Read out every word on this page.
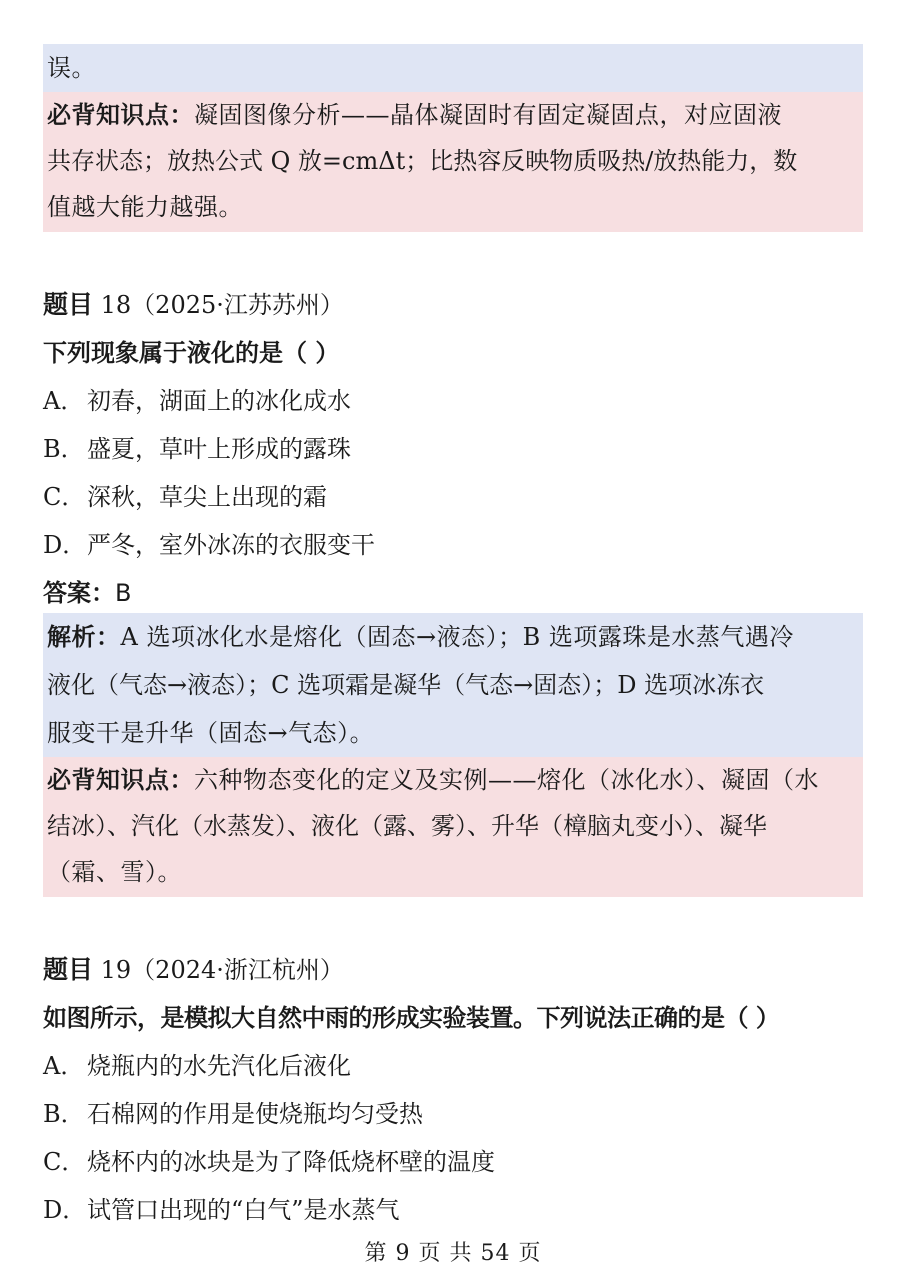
误。
必背知识点：凝固图像分析——晶体凝固时有固定凝固点，对应固液
共存状态；放热公式 Q 放=cmΔt；比热容反映物质吸热/放热能力，数
值越大能力越强。
题目 18（2025·江苏苏州）
下列现象属于液化的是（ ）
A． 初春，湖面上的冰化成水
B．盛夏，草叶上形成的露珠
C．深秋，草尖上出现的霜
D．严冬，室外冰冻的衣服变干
答案：B
解析：A 选项冰化水是熔化（固态→液态）；B 选项露珠是水蒸气遇冷
液化（气态→液态）；C 选项霜是凝华（气态→固态）；D 选项冰冻衣
服变干是升华（固态→气态）。
必背知识点：六种物态变化的定义及实例——熔化（冰化水）、凝固（水
结冰）、汽化（水蒸发）、液化（露、雾）、升华（樟脑丸变小）、凝华
（霜、雪）。
题目 19（2024·浙江杭州）
如图所示，是模拟大自然中雨的形成实验装置。下列说法正确的是（ ）
A． 烧瓶内的水先汽化后液化
B．石棉网的作用是使烧瓶均匀受热
C．烧杯内的冰块是为了降低烧杯壁的温度
D．试管口出现的“白气”是水蒸气
第 9 页 共 54 页
